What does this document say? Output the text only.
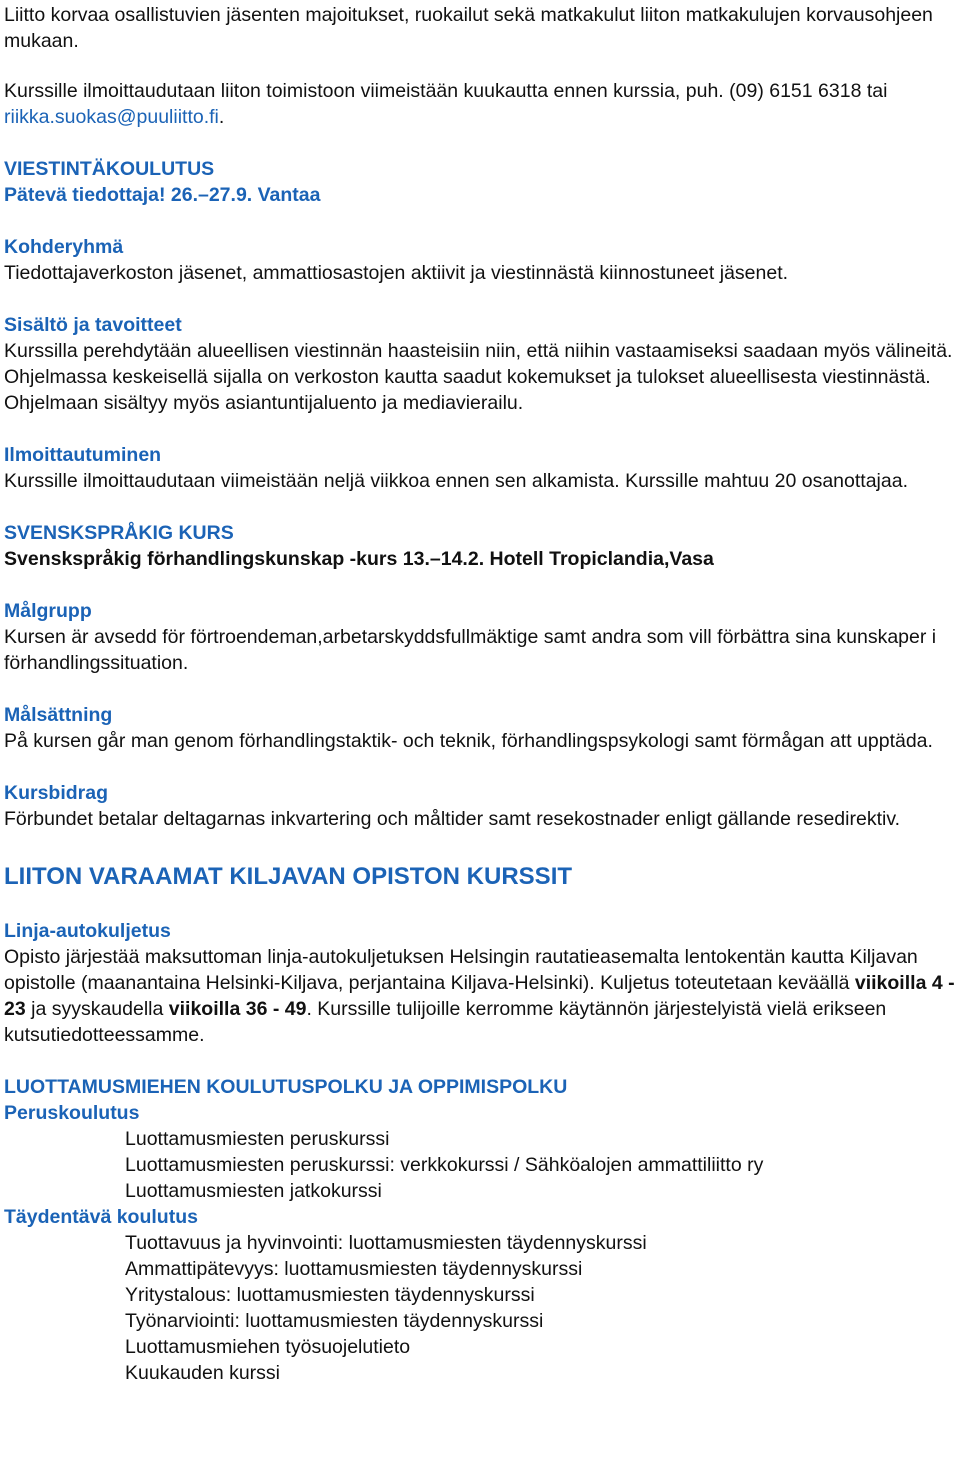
Liitto korvaa osallistuvien jäsenten majoitukset, ruokailut sekä matkakulut liiton matkakulujen korvausohjeen mukaan.

Kurssille ilmoittaudutaan liiton toimistoon viimeistään kuukautta ennen kurssia, puh. (09) 6151 6318 tai riikka.suokas@puuliitto.fi.

VIESTINTÄKOULUTUS

Pätevä tiedottaja! 26.–27.9. Vantaa

Kohderyhmä

Tiedottajaverkoston jäsenet, ammattiosastojen aktiivit ja viestinnästä kiinnostuneet jäsenet.

Sisältö ja tavoitteet

Kurssilla perehdytään alueellisen viestinnän haasteisiin niin, että niihin vastaamiseksi saadaan myös välineitä. Ohjelmassa keskeisellä sijalla on verkoston kautta saadut kokemukset ja tulokset alueellisesta viestinnästä. Ohjelmaan sisältyy myös asiantuntijaluento ja mediavierailu.

Ilmoittautuminen

Kurssille ilmoittaudutaan viimeistään neljä viikkoa ennen sen alkamista. Kurssille mahtuu 20 osanottajaa.

SVENSKSPRÅKIG KURS

Svenskspråkig förhandlingskunskap -kurs 13.–14.2. Hotell Tropiclandia,Vasa

Målgrupp

Kursen är avsedd för förtroendeman,arbetarskyddsfullmäktige samt andra som vill förbättra sina kunskaper i förhandlingssituation.

Målsättning

På kursen går man genom förhandlingstaktik- och teknik, förhandlingspsykologi samt förmågan att upptäda.

Kursbidrag

Förbundet betalar deltagarnas inkvartering och måltider samt resekostnader enligt gällande resedirektiv.

LIITON VARAAMAT KILJAVAN OPISTON KURSSIT

Linja-autokuljetus

Opisto järjestää maksuttoman linja-autokuljetuksen Helsingin rautatieasemalta lentokentän kautta Kiljavan opistolle (maanantaina Helsinki-Kiljava, perjantaina Kiljava-Helsinki). Kuljetus toteutetaan keväällä viikoilla 4 - 23 ja syyskaudella viikoilla 36 - 49. Kurssille tulijoille kerromme käytännön järjestelyistä vielä erikseen kutsutiedotteessamme.

LUOTTAMUSMIEHEN KOULUTUSPOLKU JA OPPIMISPOLKU

Peruskoulutus

Luottamusmiesten peruskurssi

Luottamusmiesten peruskurssi: verkkokurssi / Sähköalojen ammattiliitto ry

Luottamusmiesten jatkokurssi

Täydentävä koulutus

Tuottavuus ja hyvinvointi: luottamusmiesten täydennyskurssi

Ammattipätevyys: luottamusmiesten täydennyskurssi

Yritystalous: luottamusmiesten täydennyskurssi

Työnarviointi: luottamusmiesten täydennyskurssi

Luottamusmiehen työsuojelutieto

Kuukauden kurssi
